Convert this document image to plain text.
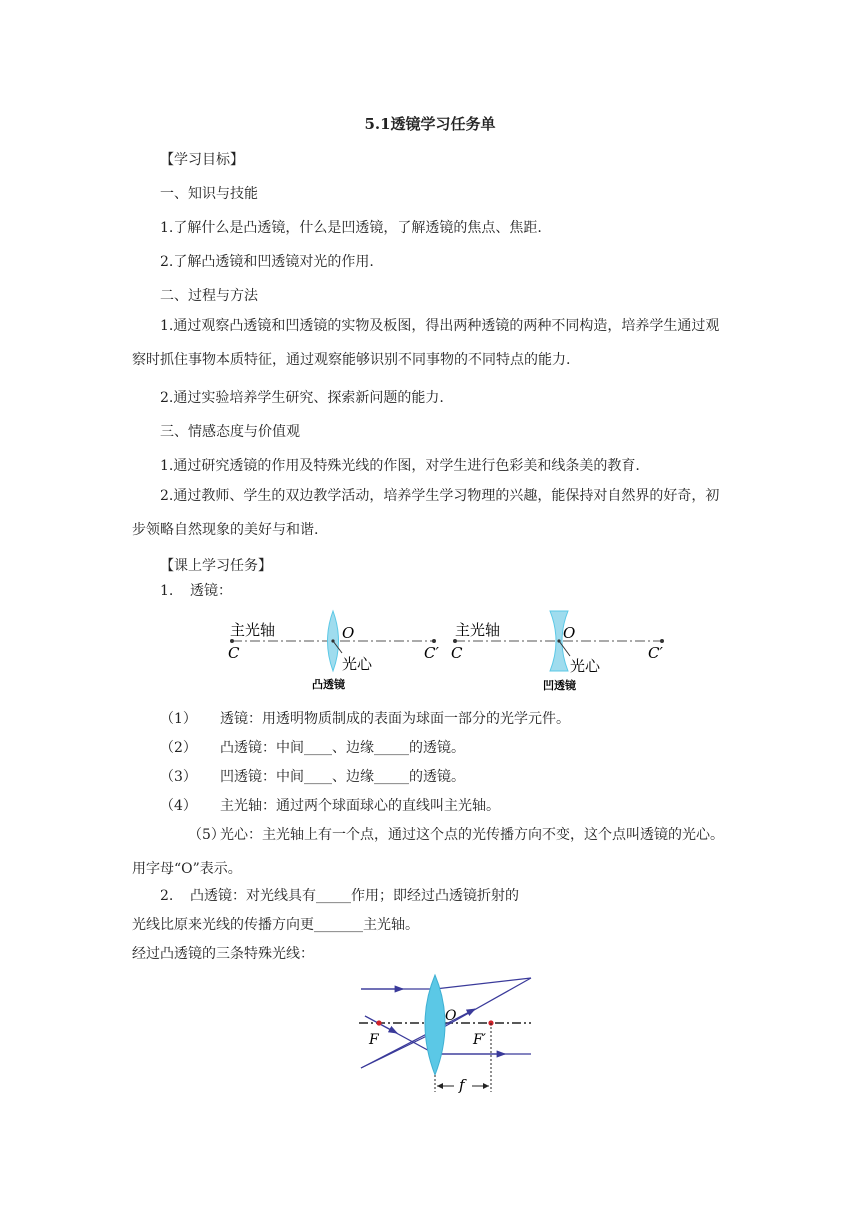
5.1透镜学习任务单
【学习目标】
一、知识与技能
1.了解什么是凸透镜，什么是凹透镜，了解透镜的焦点、焦距.
2.了解凸透镜和凹透镜对光的作用.
二、过程与方法
1.通过观察凸透镜和凹透镜的实物及板图，得出两种透镜的两种不同构造，培养学生通过观察时抓住事物本质特征，通过观察能够识别不同事物的不同特点的能力.
2.通过实验培养学生研究、探索新问题的能力.
三、情感态度与价值观
1.通过研究透镜的作用及特殊光线的作图，对学生进行色彩美和线条美的教育.
2.通过教师、学生的双边教学活动，培养学生学习物理的兴趣，能保持对自然界的好奇，初步领略自然现象的美好与和谐.
【课上学习任务】
1. 透镜：
主光轴
C
O
光心
C′
凸透镜
主光轴
C
O
光心
C′
凹透镜
（1） 透镜：用透明物质制成的表面为球面一部分的光学元件。
（2） 凸透镜：中间____、边缘_____的透镜。
（3） 凹透镜：中间____、边缘_____的透镜。
（4） 主光轴：通过两个球面球心的直线叫主光轴。
（5）光心：主光轴上有一个点，通过这个点的光传播方向不变，这个点叫透镜的光心。用字母“O”表示。
2. 凸透镜：对光线具有_____作用；即经过凸透镜折射的
光线比原来光线的传播方向更_______主光轴。
经过凸透镜的三条特殊光线：
O
F	F′
f
